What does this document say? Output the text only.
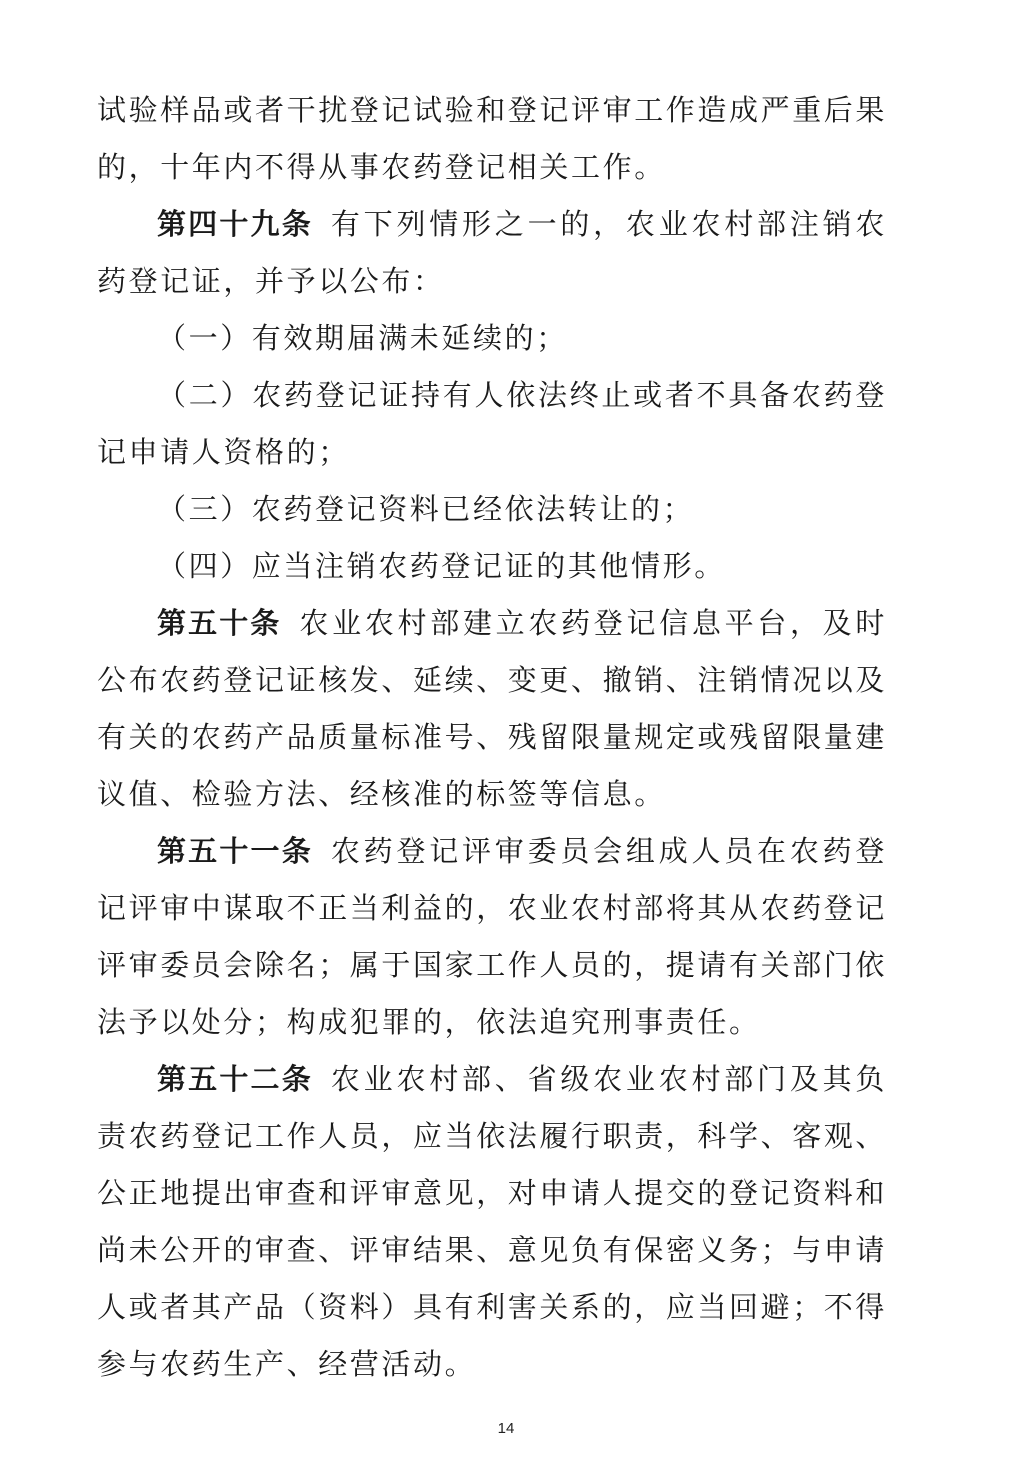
试验样品或者干扰登记试验和登记评审工作造成严重后果的，十年内不得从事农药登记相关工作。

第四十九条 有下列情形之一的，农业农村部注销农药登记证，并予以公布：

（一）有效期届满未延续的；

（二）农药登记证持有人依法终止或者不具备农药登记申请人资格的；

（三）农药登记资料已经依法转让的；

（四）应当注销农药登记证的其他情形。

第五十条 农业农村部建立农药登记信息平台，及时公布农药登记证核发、延续、变更、撤销、注销情况以及有关的农药产品质量标准号、残留限量规定或残留限量建议值、检验方法、经核准的标签等信息。

第五十一条 农药登记评审委员会组成人员在农药登记评审中谋取不正当利益的，农业农村部将其从农药登记评审委员会除名；属于国家工作人员的，提请有关部门依法予以处分；构成犯罪的，依法追究刑事责任。

第五十二条 农业农村部、省级农业农村部门及其负责农药登记工作人员，应当依法履行职责，科学、客观、公正地提出审查和评审意见，对申请人提交的登记资料和尚未公开的审查、评审结果、意见负有保密义务；与申请人或者其产品（资料）具有利害关系的，应当回避；不得参与农药生产、经营活动。

14
